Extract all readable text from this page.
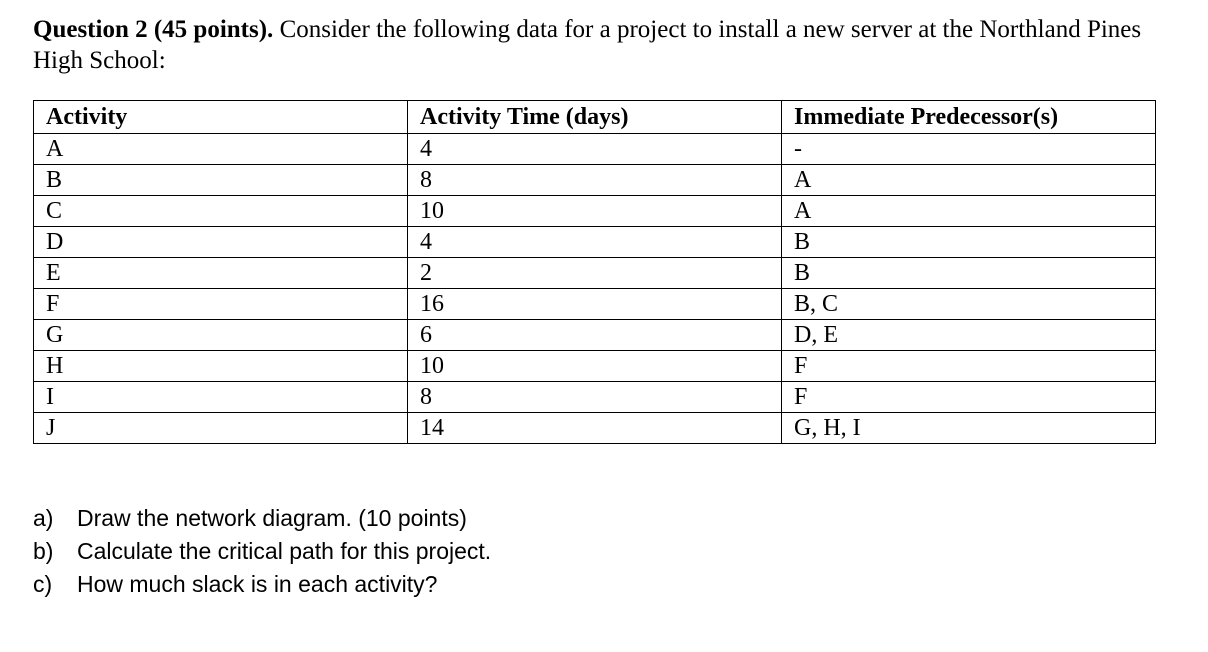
Question 2 (45 points). Consider the following data for a project to install a new server at the Northland Pines High School:
Activity	Activity Time (days)	Immediate Predecessor(s)
A	4	-
B	8	A
C	10	A
D	4	B
E	2	B
F	16	B, C
G	6	D, E
H	10	F
I	8	F
J	14	G, H, I
a)	Draw the network diagram. (10 points)
b)	Calculate the critical path for this project.
c)	How much slack is in each activity?
